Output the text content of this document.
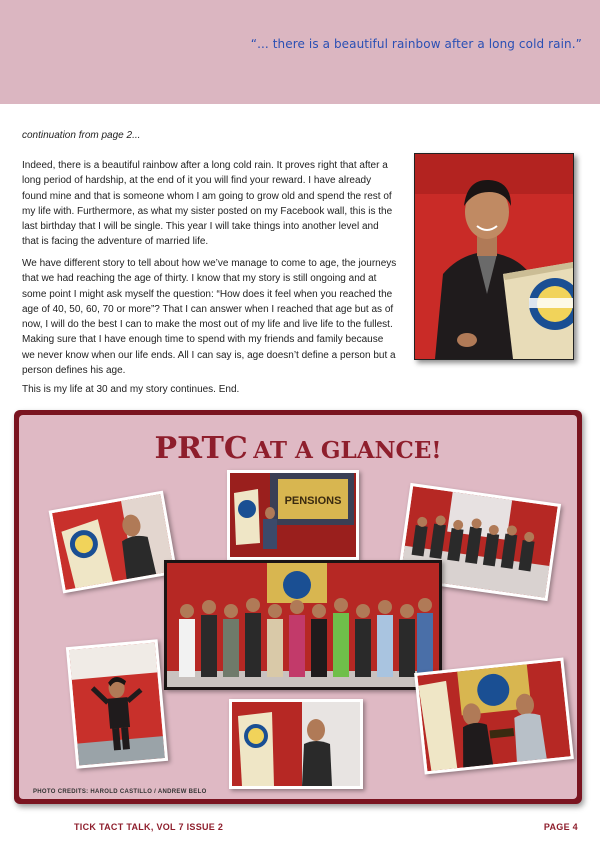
“... there is a beautiful rainbow after a long cold rain.”
continuation from page 2...

Indeed, there is a beautiful rainbow after a long cold rain. It proves right that after a long period of hardship, at the end of it you will find your reward. I have already found mine and that is someone whom I am going to grow old and spend the rest of my life with. Furthermore, as what my sister posted on my Facebook wall, this is the last birthday that I will be single. This year I will take things into another level and that is facing the adventure of married life.

We have different story to tell about how we’ve manage to come to age, the journeys that we had reaching the age of thirty. I know that my story is still ongoing and at some point I might ask myself the question: “How does it feel when you reached the age of 40, 50, 60, 70 or more”? That I can answer when I reached that age but as of now, I will do the best I can to make the most out of my life and live life to the fullest. Making sure that I have enough time to spend with my friends and family because we never know when our life ends. All I can say is, age doesn’t define a person but a person defines his age.

This is my life at 30 and my story continues. End.

PRTC AT A GLANCE!
PENSIONS
PHOTO CREDITS: HAROLD CASTILLO / ANDREW BELO
TICK TACT TALK, VOL 7 ISSUE 2	PAGE 4
